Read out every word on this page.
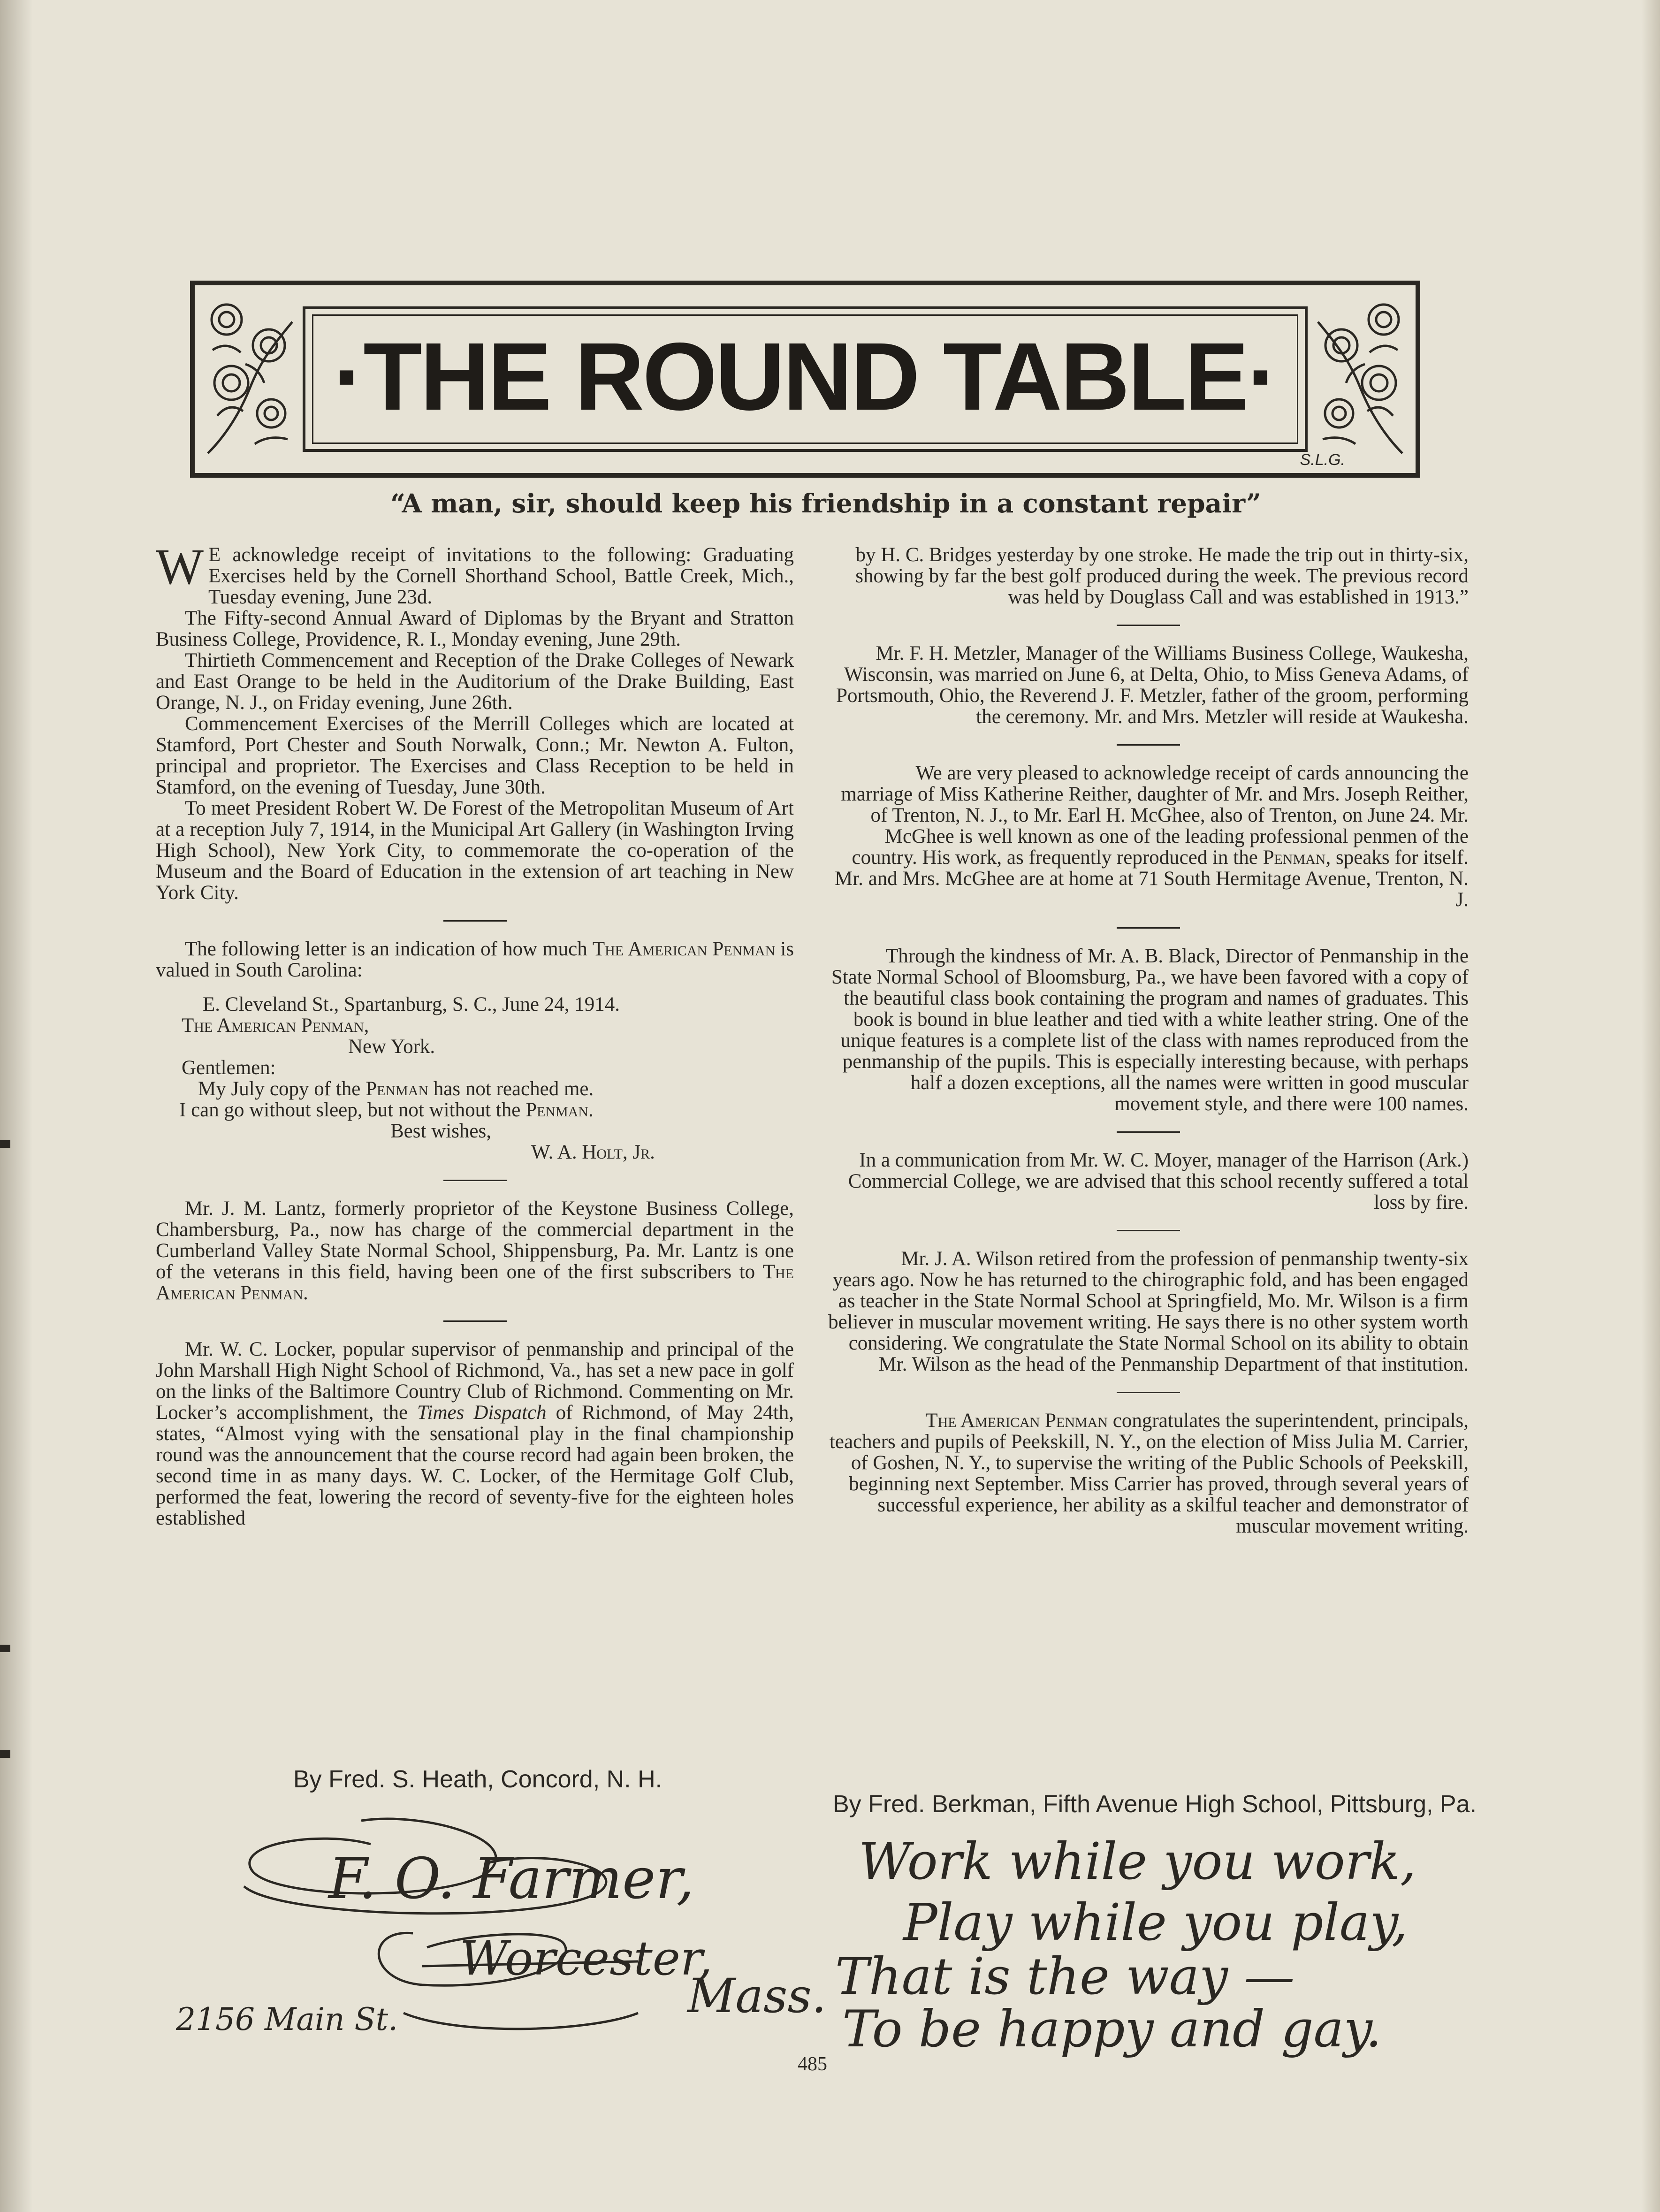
·THE ROUND TABLE·
S.L.G.
“A man, sir, should keep his friendship in a constant repair”

W E acknowledge receipt of invitations to the following: Graduating Exercises held by the Cornell Shorthand School, Battle Creek, Mich., Tuesday evening, June 23d.

The Fifty-second Annual Award of Diplomas by the Bryant and Stratton Business College, Providence, R. I., Monday evening, June 29th.

Thirtieth Commencement and Reception of the Drake Colleges of Newark and East Orange to be held in the Auditorium of the Drake Building, East Orange, N. J., on Friday evening, June 26th.

Commencement Exercises of the Merrill Colleges which are located at Stamford, Port Chester and South Norwalk, Conn.; Mr. Newton A. Fulton, principal and proprietor. The Exercises and Class Reception to be held in Stamford, on the evening of Tuesday, June 30th.

To meet President Robert W. De Forest of the Metropolitan Museum of Art at a reception July 7, 1914, in the Municipal Art Gallery (in Washington Irving High School), New York City, to commemorate the co-operation of the Museum and the Board of Education in the extension of art teaching in New York City.

The following letter is an indication of how much The American Penman is valued in South Carolina:

E. Cleveland St., Spartanburg, S. C., June 24, 1914.

The American Penman,

New York.

Gentlemen:

My July copy of the Penman has not reached me.

I can go without sleep, but not without the Penman.

Best wishes,

W. A. Holt, Jr.

Mr. J. M. Lantz, formerly proprietor of the Keystone Business College, Chambersburg, Pa., now has charge of the commercial department in the Cumberland Valley State Normal School, Shippensburg, Pa. Mr. Lantz is one of the veterans in this field, having been one of the first subscribers to The American Penman.

Mr. W. C. Locker, popular supervisor of penmanship and principal of the John Marshall High Night School of Richmond, Va., has set a new pace in golf on the links of the Baltimore Country Club of Richmond. Commenting on Mr. Locker’s accomplishment, the Times Dispatch of Richmond, of May 24th, states, “Almost vying with the sensational play in the final championship round was the announcement that the course record had again been broken, the second time in as many days. W. C. Locker, of the Hermitage Golf Club, performed the feat, lowering the record of seventy-five for the eighteen holes established

by H. C. Bridges yesterday by one stroke. He made the trip out in thirty-six, showing by far the best golf produced during the week. The previous record was held by Douglass Call and was established in 1913.”

Mr. F. H. Metzler, Manager of the Williams Business College, Waukesha, Wisconsin, was married on June 6, at Delta, Ohio, to Miss Geneva Adams, of Portsmouth, Ohio, the Reverend J. F. Metzler, father of the groom, performing the ceremony. Mr. and Mrs. Metzler will reside at Waukesha.

We are very pleased to acknowledge receipt of cards announcing the marriage of Miss Katherine Reither, daughter of Mr. and Mrs. Joseph Reither, of Trenton, N. J., to Mr. Earl H. McGhee, also of Trenton, on June 24. Mr. McGhee is well known as one of the leading professional penmen of the country. His work, as frequently reproduced in the Penman, speaks for itself. Mr. and Mrs. McGhee are at home at 71 South Hermitage Avenue, Trenton, N. J.

Through the kindness of Mr. A. B. Black, Director of Penmanship in the State Normal School of Bloomsburg, Pa., we have been favored with a copy of the beautiful class book containing the program and names of graduates. This book is bound in blue leather and tied with a white leather string. One of the unique features is a complete list of the class with names reproduced from the penmanship of the pupils. This is especially interesting because, with perhaps half a dozen exceptions, all the names were written in good muscular movement style, and there were 100 names.

In a communication from Mr. W. C. Moyer, manager of the Harrison (Ark.) Commercial College, we are advised that this school recently suffered a total loss by fire.

Mr. J. A. Wilson retired from the profession of penmanship twenty-six years ago. Now he has returned to the chirographic fold, and has been engaged as teacher in the State Normal School at Springfield, Mo. Mr. Wilson is a firm believer in muscular movement writing. He says there is no other system worth considering. We congratulate the State Normal School on its ability to obtain Mr. Wilson as the head of the Penmanship Department of that institution.

The American Penman congratulates the superintendent, principals, teachers and pupils of Peekskill, N. Y., on the election of Miss Julia M. Carrier, of Goshen, N. Y., to supervise the writing of the Public Schools of Peekskill, beginning next September. Miss Carrier has proved, through several years of successful experience, her ability as a skilful teacher and demonstrator of muscular movement writing.

By Fred. S. Heath, Concord, N. H.
By Fred. Berkman, Fifth Avenue High School, Pittsburg, Pa.
F. O. Farmer,
Worcester,
Mass.
2156 Main St.
Work while you work,
Play while you play,
That is the way —
To be happy and gay.
485
